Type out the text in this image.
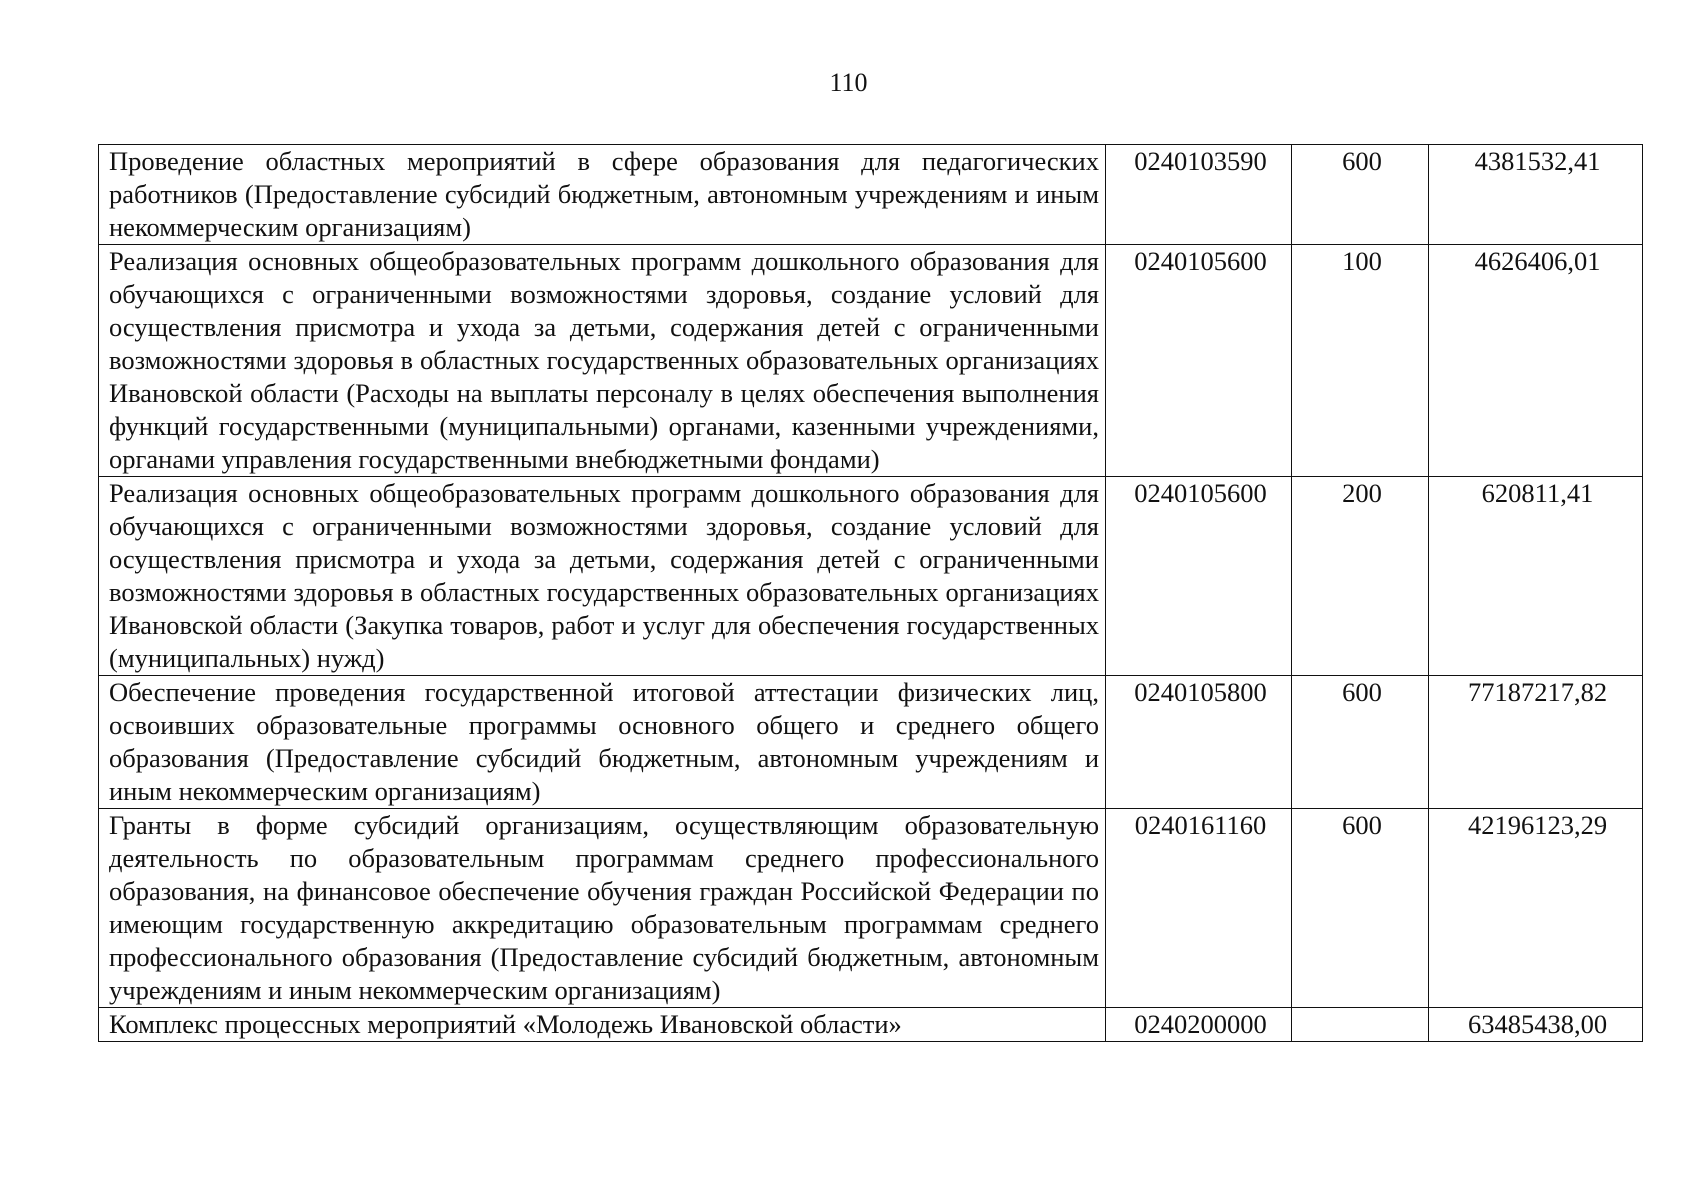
110
Проведение областных мероприятий в сфере образования для педагогических работников (Предоставление субсидий бюджетным, автономным учреждениям и иным некоммерческим организациям)	0240103590	600	4381532,41
Реализация основных общеобразовательных программ дошкольного образования для обучающихся с ограниченными возможностями здоровья, создание условий для осуществления присмотра и ухода за детьми, содержания детей с ограниченными возможностями здоровья в областных государственных образовательных организациях Ивановской области (Расходы на выплаты персоналу в целях обеспечения выполнения функций государственными (муниципальными) органами, казенными учреждениями, органами управления государственными внебюджетными фондами)	0240105600	100	4626406,01
Реализация основных общеобразовательных программ дошкольного образования для обучающихся с ограниченными возможностями здоровья, создание условий для осуществления присмотра и ухода за детьми, содержания детей с ограниченными возможностями здоровья в областных государственных образовательных организациях Ивановской области (Закупка товаров, работ и услуг для обеспечения государственных (муниципальных) нужд)	0240105600	200	620811,41
Обеспечение проведения государственной итоговой аттестации физических лиц, освоивших образовательные программы основного общего и среднего общего образования (Предоставление субсидий бюджетным, автономным учреждениям и иным некоммерческим организациям)	0240105800	600	77187217,82
Гранты в форме субсидий организациям, осуществляющим образовательную деятельность по образовательным программам среднего профессионального образования, на финансовое обеспечение обучения граждан Российской Федерации по имеющим государственную аккредитацию образовательным программам среднего профессионального образования (Предоставление субсидий бюджетным, автономным учреждениям и иным некоммерческим организациям)	0240161160	600	42196123,29
Комплекс процессных мероприятий «Молодежь Ивановской области»	0240200000		63485438,00
